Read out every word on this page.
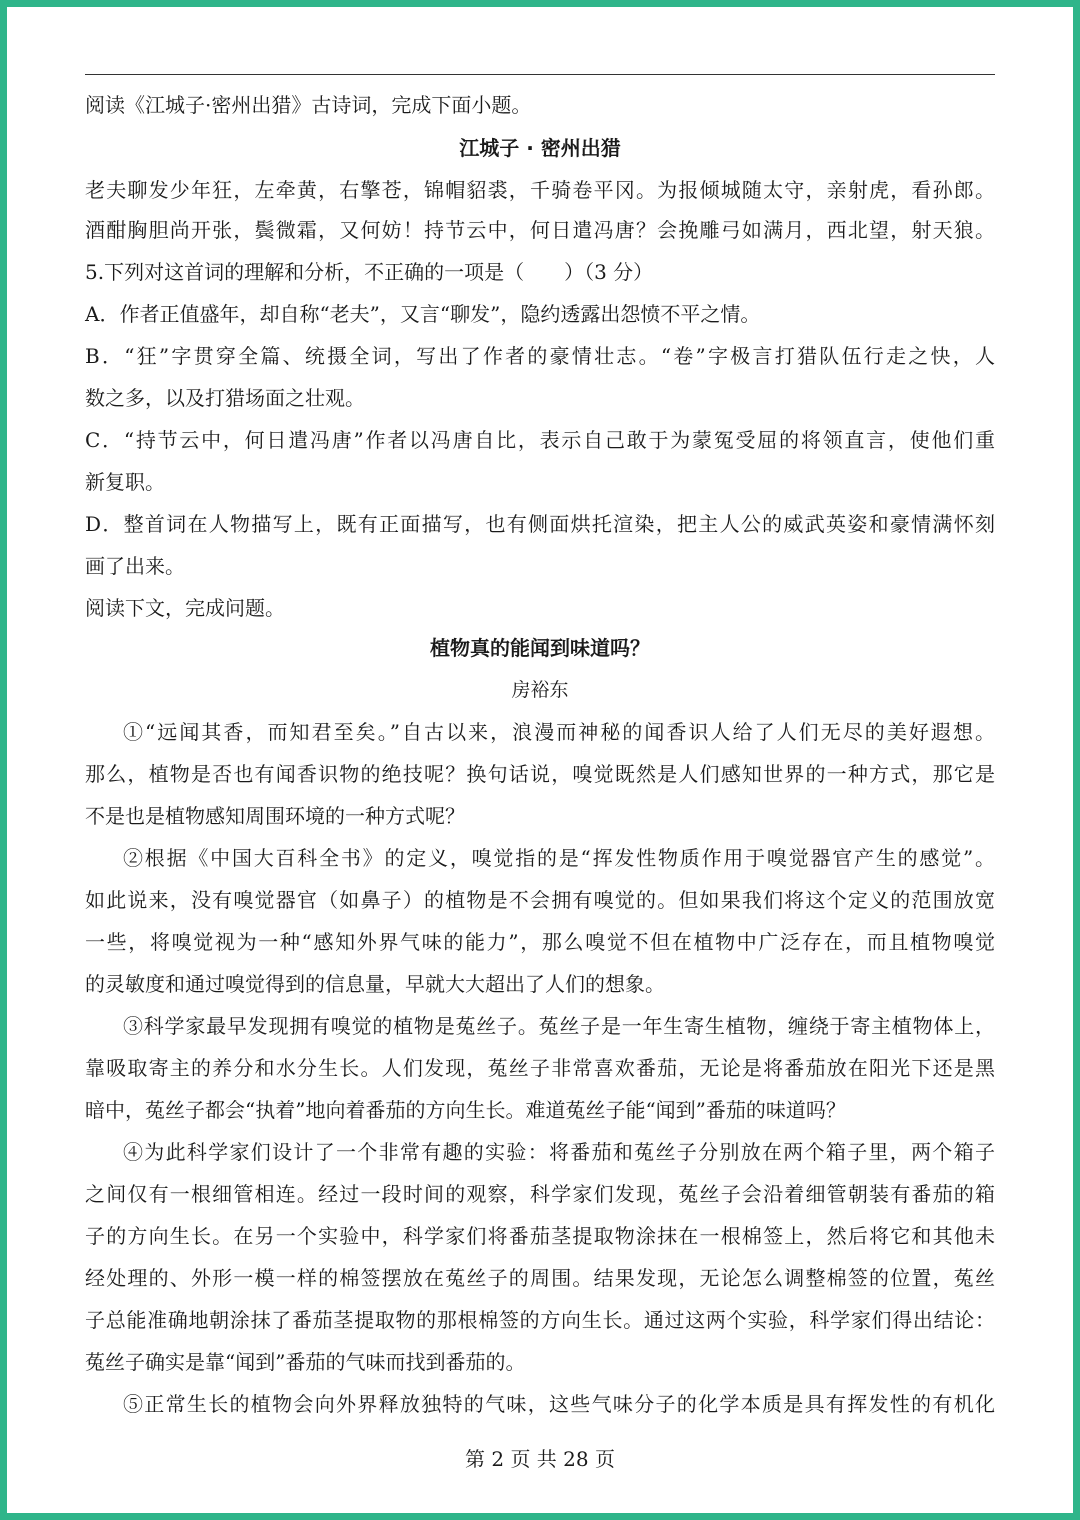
阅读《江城子·密州出猎》古诗词，完成下面小题。
江城子 · 密州出猎
老夫聊发少年狂，左牵黄，右擎苍，锦帽貂裘，千骑卷平冈。为报倾城随太守，亲射虎，看孙郎。
酒酣胸胆尚开张，鬓微霜，又何妨！持节云中，何日遣冯唐？会挽雕弓如满月，西北望，射天狼。
5.下列对这首词的理解和分析，不正确的一项是（　　）（3 分）
A．作者正值盛年，却自称“老夫”，又言“聊发”，隐约透露出怨愤不平之情。
B．“狂”字贯穿全篇、统摄全词，写出了作者的豪情壮志。“卷”字极言打猎队伍行走之快，人
数之多，以及打猎场面之壮观。
C．“持节云中，何日遣冯唐”作者以冯唐自比，表示自己敢于为蒙冤受屈的将领直言，使他们重
新复职。
D．整首词在人物描写上，既有正面描写，也有侧面烘托渲染，把主人公的威武英姿和豪情满怀刻
画了出来。
阅读下文，完成问题。
植物真的能闻到味道吗？
房裕东
①“远闻其香，而知君至矣。”自古以来，浪漫而神秘的闻香识人给了人们无尽的美好遐想。
那么，植物是否也有闻香识物的绝技呢？换句话说，嗅觉既然是人们感知世界的一种方式，那它是
不是也是植物感知周围环境的一种方式呢？
②根据《中国大百科全书》的定义，嗅觉指的是“挥发性物质作用于嗅觉器官产生的感觉”。
如此说来，没有嗅觉器官（如鼻子）的植物是不会拥有嗅觉的。但如果我们将这个定义的范围放宽
一些，将嗅觉视为一种“感知外界气味的能力”，那么嗅觉不但在植物中广泛存在，而且植物嗅觉
的灵敏度和通过嗅觉得到的信息量，早就大大超出了人们的想象。
③科学家最早发现拥有嗅觉的植物是菟丝子。菟丝子是一年生寄生植物，缠绕于寄主植物体上，
靠吸取寄主的养分和水分生长。人们发现，菟丝子非常喜欢番茄，无论是将番茄放在阳光下还是黑
暗中，菟丝子都会“执着”地向着番茄的方向生长。难道菟丝子能“闻到”番茄的味道吗？
④为此科学家们设计了一个非常有趣的实验：将番茄和菟丝子分别放在两个箱子里，两个箱子
之间仅有一根细管相连。经过一段时间的观察，科学家们发现，菟丝子会沿着细管朝装有番茄的箱
子的方向生长。在另一个实验中，科学家们将番茄茎提取物涂抹在一根棉签上，然后将它和其他未
经处理的、外形一模一样的棉签摆放在菟丝子的周围。结果发现，无论怎么调整棉签的位置，菟丝
子总能准确地朝涂抹了番茄茎提取物的那根棉签的方向生长。通过这两个实验，科学家们得出结论：
菟丝子确实是靠“闻到”番茄的气味而找到番茄的。
⑤正常生长的植物会向外界释放独特的气味，这些气味分子的化学本质是具有挥发性的有机化
第 2 页 共 28 页
